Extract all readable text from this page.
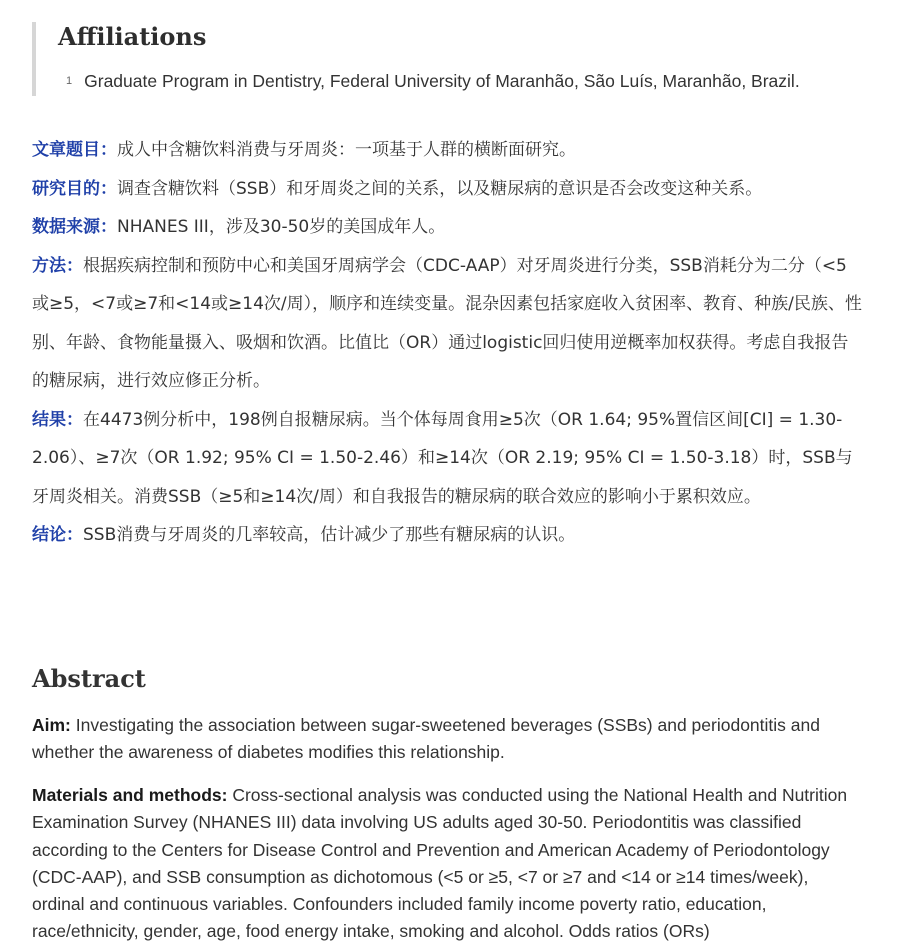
Affiliations
1 Graduate Program in Dentistry, Federal University of Maranhão, São Luís, Maranhão, Brazil.

文章题目：成人中含糖饮料消费与牙周炎：一项基于人群的横断面研究。

研究目的：调查含糖饮料（SSB）和牙周炎之间的关系，以及糖尿病的意识是否会改变这种关系。

数据来源：NHANES III，涉及30-50岁的美国成年人。

方法：根据疾病控制和预防中心和美国牙周病学会（CDC-AAP）对牙周炎进行分类，SSB消耗分为二分（<5或≥5，<7或≥7和<14或≥14次/周），顺序和连续变量。混杂因素包括家庭收入贫困率、教育、种族/民族、性别、年龄、食物能量摄入、吸烟和饮酒。比值比（OR）通过logistic回归使用逆概率加权获得。考虑自我报告的糖尿病，进行效应修正分析。

结果：在4473例分析中，198例自报糖尿病。当个体每周食用≥5次（OR 1.64; 95%置信区间[CI] = 1.30-2.06）、≥7次（OR 1.92; 95% CI = 1.50-2.46）和≥14次（OR 2.19; 95% CI = 1.50-3.18）时，SSB与牙周炎相关。消费SSB（≥5和≥14次/周）和自我报告的糖尿病的联合效应的影响小于累积效应。

结论：SSB消费与牙周炎的几率较高，估计减少了那些有糖尿病的认识。

Abstract

Aim: Investigating the association between sugar-sweetened beverages (SSBs) and periodontitis and whether the awareness of diabetes modifies this relationship.

Materials and methods: Cross-sectional analysis was conducted using the National Health and Nutrition Examination Survey (NHANES III) data involving US adults aged 30-50. Periodontitis was classified according to the Centers for Disease Control and Prevention and American Academy of Periodontology (CDC-AAP), and SSB consumption as dichotomous (<5 or ≥5, <7 or ≥7 and <14 or ≥14 times/week), ordinal and continuous variables. Confounders included family income poverty ratio, education, race/ethnicity, gender, age, food energy intake, smoking and alcohol. Odds ratios (ORs)
